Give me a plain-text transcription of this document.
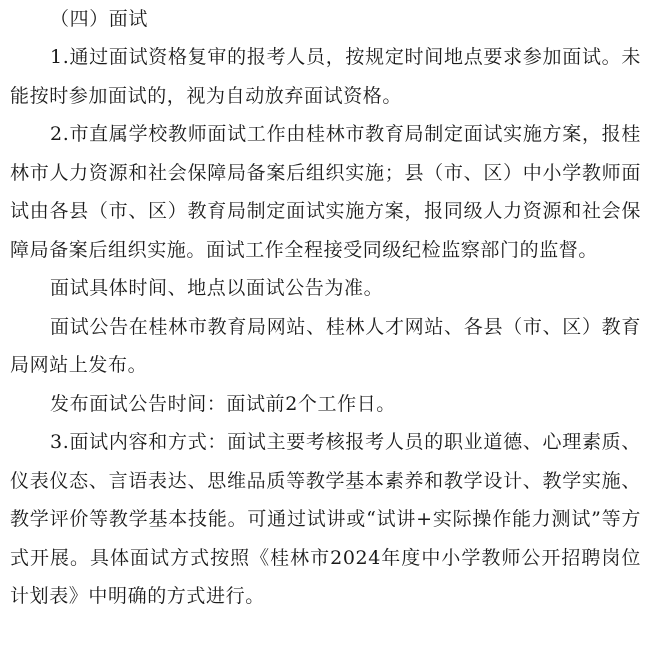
（四）面试

1.通过面试资格复审的报考人员，按规定时间地点要求参加面试。未能按时参加面试的，视为自动放弃面试资格。

2.市直属学校教师面试工作由桂林市教育局制定面试实施方案，报桂林市人力资源和社会保障局备案后组织实施；县（市、区）中小学教师面试由各县（市、区）教育局制定面试实施方案，报同级人力资源和社会保障局备案后组织实施。面试工作全程接受同级纪检监察部门的监督。

面试具体时间、地点以面试公告为准。

面试公告在桂林市教育局网站、桂林人才网站、各县（市、区）教育局网站上发布。

发布面试公告时间：面试前2个工作日。

3.面试内容和方式：面试主要考核报考人员的职业道德、心理素质、仪表仪态、言语表达、思维品质等教学基本素养和教学设计、教学实施、教学评价等教学基本技能。可通过试讲或“试讲+实际操作能力测试”等方式开展。具体面试方式按照《桂林市2024年度中小学教师公开招聘岗位计划表》中明确的方式进行。
